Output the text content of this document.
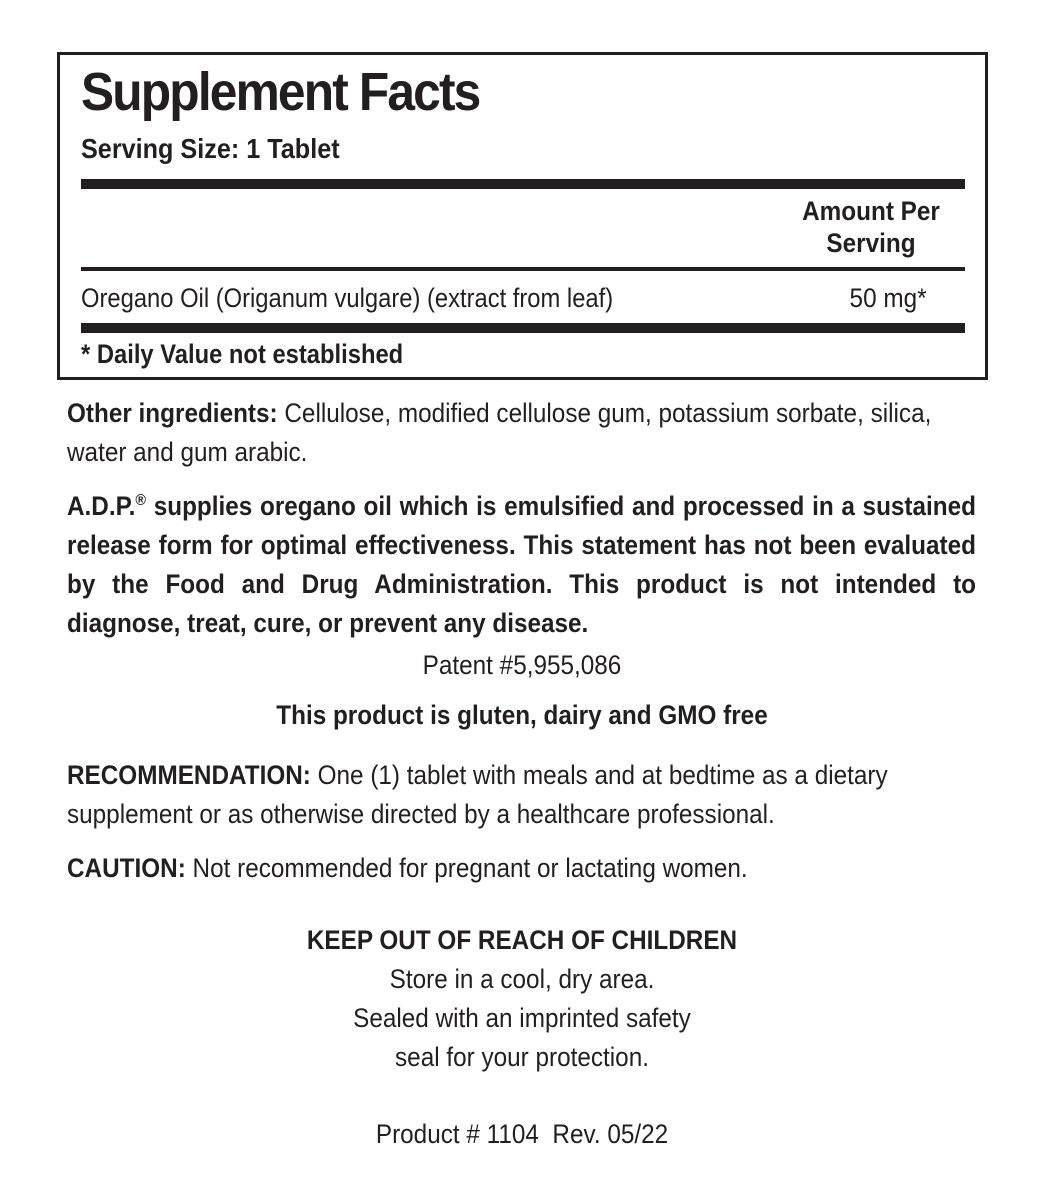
Supplement Facts
Serving Size: 1 Tablet
Amount Per
Serving
Oregano Oil (Origanum vulgare) (extract from leaf)	50 mg*
* Daily Value not established
Other ingredients: Cellulose, modified cellulose gum, potassium sorbate, silica, water and gum arabic.
A.D.P.® supplies oregano oil which is emulsified and processed in a sustained release form for optimal effectiveness. This statement has not been evaluated by the Food and Drug Administration. This product is not intended to diagnose, treat, cure, or prevent any disease.
Patent #5,955,086
This product is gluten, dairy and GMO free
RECOMMENDATION: One (1) tablet with meals and at bedtime as a dietary supplement or as otherwise directed by a healthcare professional.
CAUTION: Not recommended for pregnant or lactating women.
KEEP OUT OF REACH OF CHILDREN
Store in a cool, dry area.
Sealed with an imprinted safety
seal for your protection.
Product # 1104 Rev. 05/22
